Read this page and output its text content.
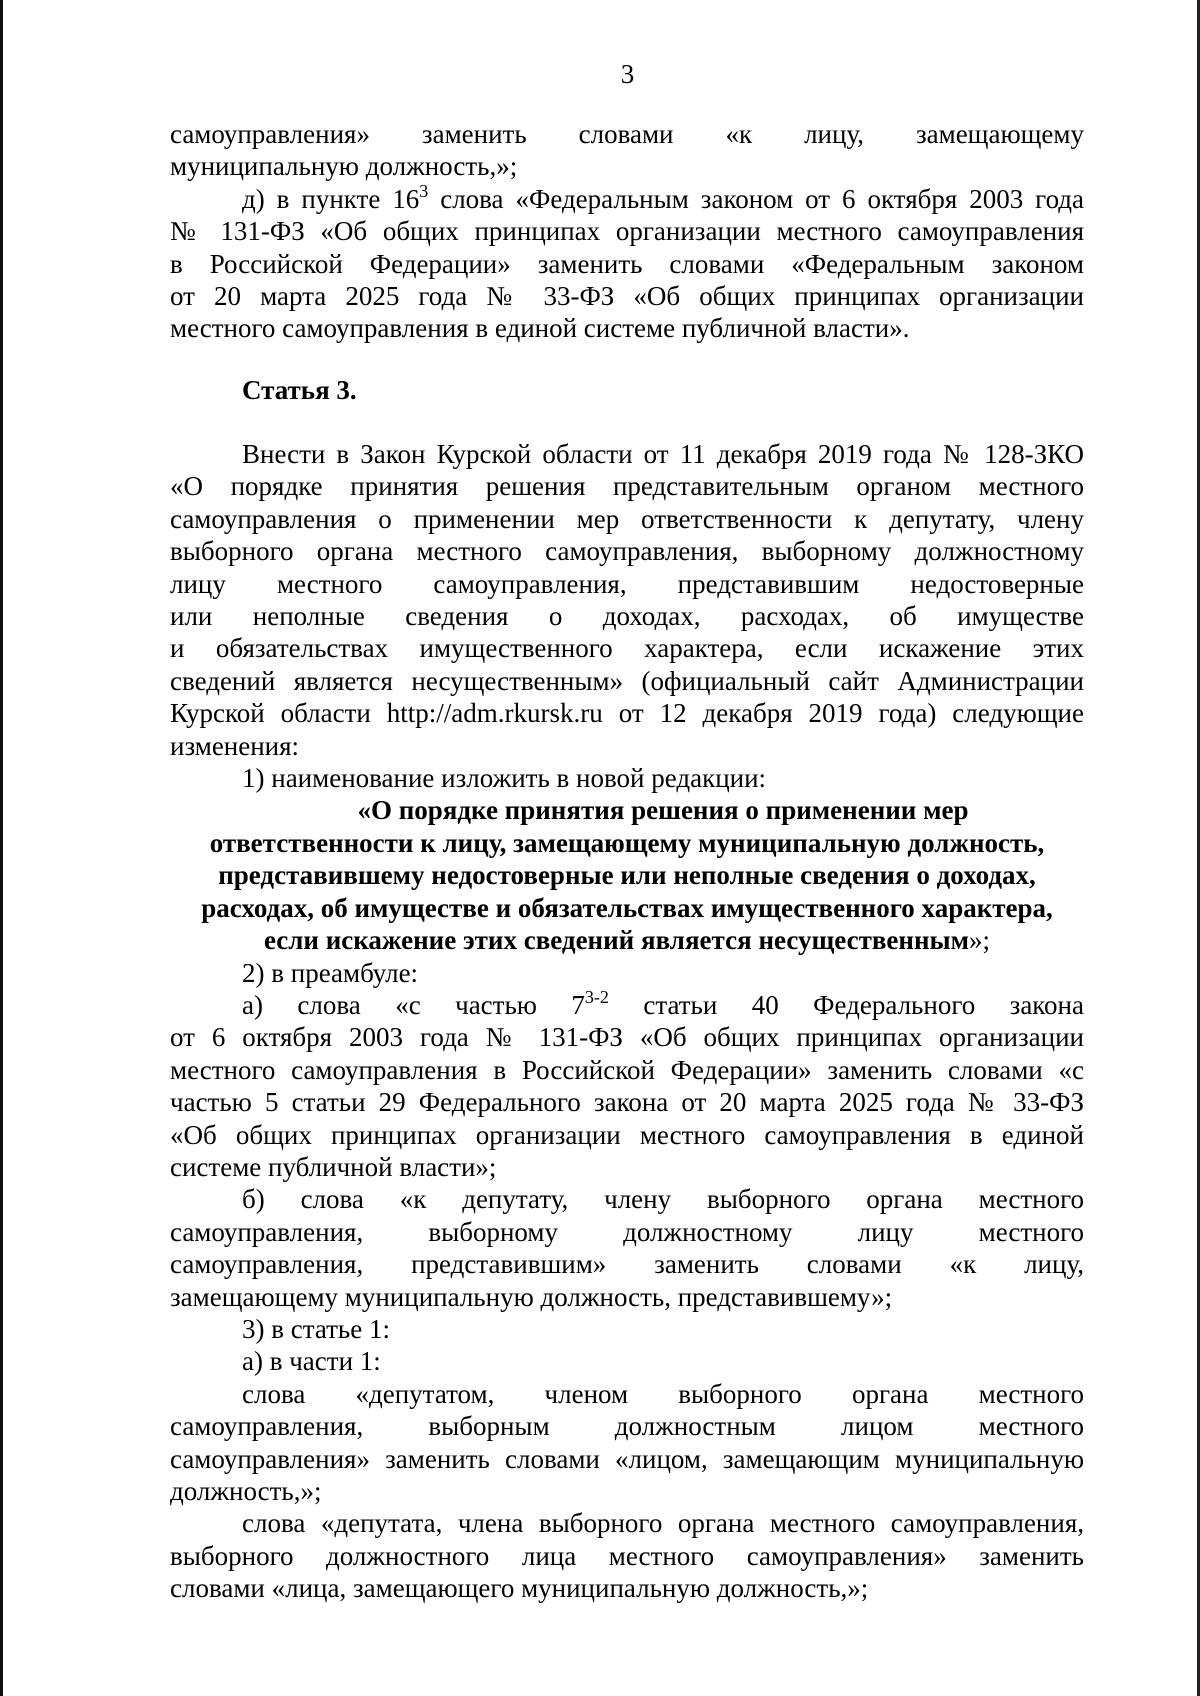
3
самоуправления» заменить словами «к лицу, замещающему
муниципальную должность,»;
д) в пункте $16^3$ слова «Федеральным законом от 6 октября 2003 года
№ 131-ФЗ «Об общих принципах организации местного самоуправления
в Российской Федерации» заменить словами «Федеральным законом
от 20 марта 2025 года № 33-ФЗ «Об общих принципах организации
местного самоуправления в единой системе публичной власти».
Статья 3.
Внести в Закон Курской области от 11 декабря 2019 года № 128-ЗКО
«О порядке принятия решения представительным органом местного
самоуправления о применении мер ответственности к депутату, члену
выборного органа местного самоуправления, выборному должностному
лицу местного самоуправления, представившим недостоверные
или неполные сведения о доходах, расходах, об имуществе
и обязательствах имущественного характера, если искажение этих
сведений является несущественным» (официальный сайт Администрации
Курской области http://adm.rkursk.ru от 12 декабря 2019 года) следующие
изменения:
1) наименование изложить в новой редакции:
«О порядке принятия решения о применении мер
ответственности к лицу, замещающему муниципальную должность,
представившему недостоверные или неполные сведения о доходах,
расходах, об имуществе и обязательствах имущественного характера,
если искажение этих сведений является несущественным»;
2) в преамбуле:
а) слова «с частью 7$^{3-2}$ статьи 40 Федерального закона
от 6 октября 2003 года № 131-ФЗ «Об общих принципах организации
местного самоуправления в Российской Федерации» заменить словами «с
частью 5 статьи 29 Федерального закона от 20 марта 2025 года № 33-ФЗ
«Об общих принципах организации местного самоуправления в единой
системе публичной власти»;
б) слова «к депутату, члену выборного органа местного
самоуправления, выборному должностному лицу местного
самоуправления, представившим» заменить словами «к лицу,
замещающему муниципальную должность, представившему»;
3) в статье 1:
а) в части 1:
слова «депутатом, членом выборного органа местного
самоуправления, выборным должностным лицом местного
самоуправления» заменить словами «лицом, замещающим муниципальную
должность,»;
слова «депутата, члена выборного органа местного самоуправления,
выборного должностного лица местного самоуправления» заменить
словами «лица, замещающего муниципальную должность,»;
